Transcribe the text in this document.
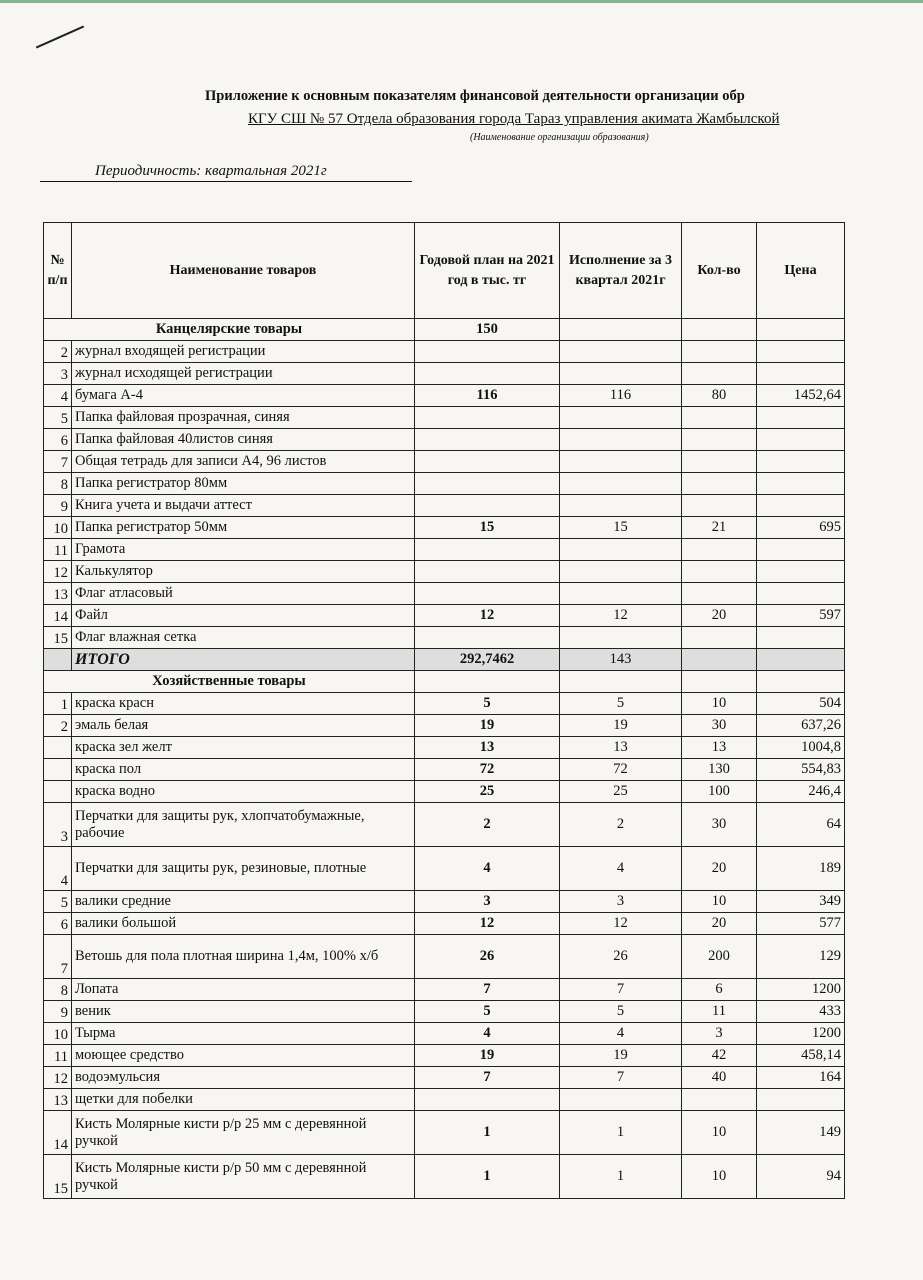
Приложение к основным показателям финансовой деятельности организации обр
КГУ СШ № 57 Отдела образования города Тараз управления акимата Жамбылской
(Наименование организации образования)
Периодичность: квартальная 2021г
№ п/п	Наименование товаров	Годовой план на 2021 год в тыс. тг	Исполнение за 3 квартал 2021г	Кол-во	Цена
Канцелярские товары		150			
2	журнал входящей регистрации				
3	журнал исходящей регистрации				
4	бумага А-4	116	116	80	1452,64
5	Папка файловая прозрачная, синяя				
6	Папка файловая 40листов синяя				
7	Общая тетрадь для записи А4, 96 листов				
8	Папка регистратор 80мм				
9	Книга учета и выдачи аттест				
10	Папка регистратор 50мм	15	15	21	695
11	Грамота				
12	Калькулятор				
13	Флаг атласовый				
14	Файл	12	12	20	597
15	Флаг влажная сетка				
	ИТОГО	292,7462	143		
Хозяйственные товары					
1	краска красн	5	5	10	504
2	эмаль белая	19	19	30	637,26
	краска зел желт	13	13	13	1004,8
	краска пол	72	72	130	554,83
	краска водно	25	25	100	246,4
3	Перчатки для защиты рук, хлопчатобумажные, рабочие	2	2	30	64
4	Перчатки для защиты рук, резиновые, плотные	4	4	20	189
5	валики средние	3	3	10	349
6	валики большой	12	12	20	577
7	Ветошь для пола плотная ширина 1,4м, 100% х/б	26	26	200	129
8	Лопата	7	7	6	1200
9	веник	5	5	11	433
10	Тырма	4	4	3	1200
11	моющее средство	19	19	42	458,14
12	водоэмульсия	7	7	40	164
13	щетки для побелки				
14	Кисть Молярные кисти р/р 25 мм с деревянной ручкой	1	1	10	149
15	Кисть Молярные кисти р/р 50 мм с деревянной ручкой	1	1	10	94
